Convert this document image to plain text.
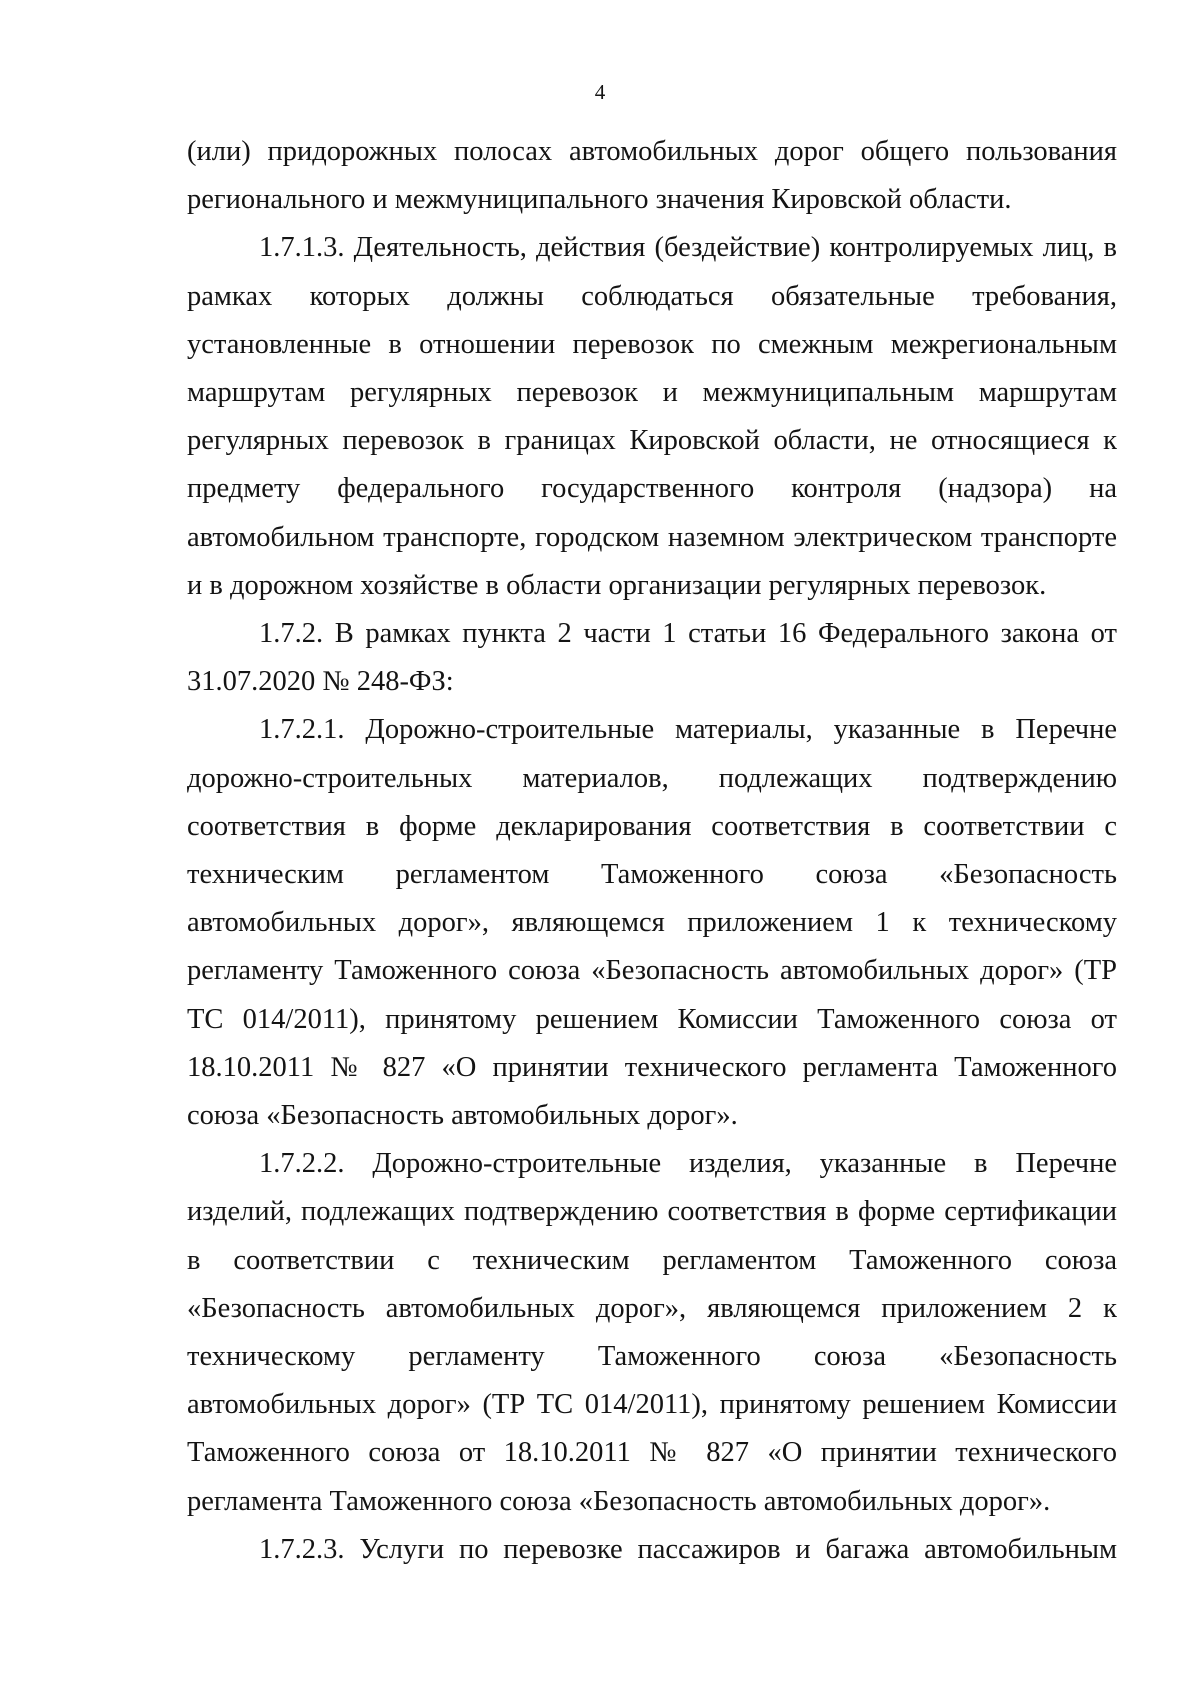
4

(или) придорожных полосах автомобильных дорог общего пользования регионального и межмуниципального значения Кировской области.

1.7.1.3. Деятельность, действия (бездействие) контролируемых лиц, в рамках которых должны соблюдаться обязательные требования, установленные в отношении перевозок по смежным межрегиональным маршрутам регулярных перевозок и межмуниципальным маршрутам регулярных перевозок в границах Кировской области, не относящиеся к предмету федерального государственного контроля (надзора) на автомобильном транспорте, городском наземном электрическом транспорте и в дорожном хозяйстве в области организации регулярных перевозок.

1.7.2. В рамках пункта 2 части 1 статьи 16 Федерального закона от 31.07.2020 № 248-ФЗ:

1.7.2.1. Дорожно-строительные материалы, указанные в Перечне дорожно-строительных материалов, подлежащих подтверждению соответствия в форме декларирования соответствия в соответствии с техническим регламентом Таможенного союза «Безопасность автомобильных дорог», являющемся приложением 1 к техническому регламенту Таможенного союза «Безопасность автомобильных дорог» (ТР ТС 014/2011), принятому решением Комиссии Таможенного союза от 18.10.2011 № 827 «О принятии технического регламента Таможенного союза «Безопасность автомобильных дорог».

1.7.2.2. Дорожно-строительные изделия, указанные в Перечне изделий, подлежащих подтверждению соответствия в форме сертификации в соответствии с техническим регламентом Таможенного союза «Безопасность автомобильных дорог», являющемся приложением 2 к техническому регламенту Таможенного союза «Безопасность автомобильных дорог» (ТР ТС 014/2011), принятому решением Комиссии Таможенного союза от 18.10.2011 № 827 «О принятии технического регламента Таможенного союза «Безопасность автомобильных дорог».

1.7.2.3. Услуги по перевозке пассажиров и багажа автомобильным
